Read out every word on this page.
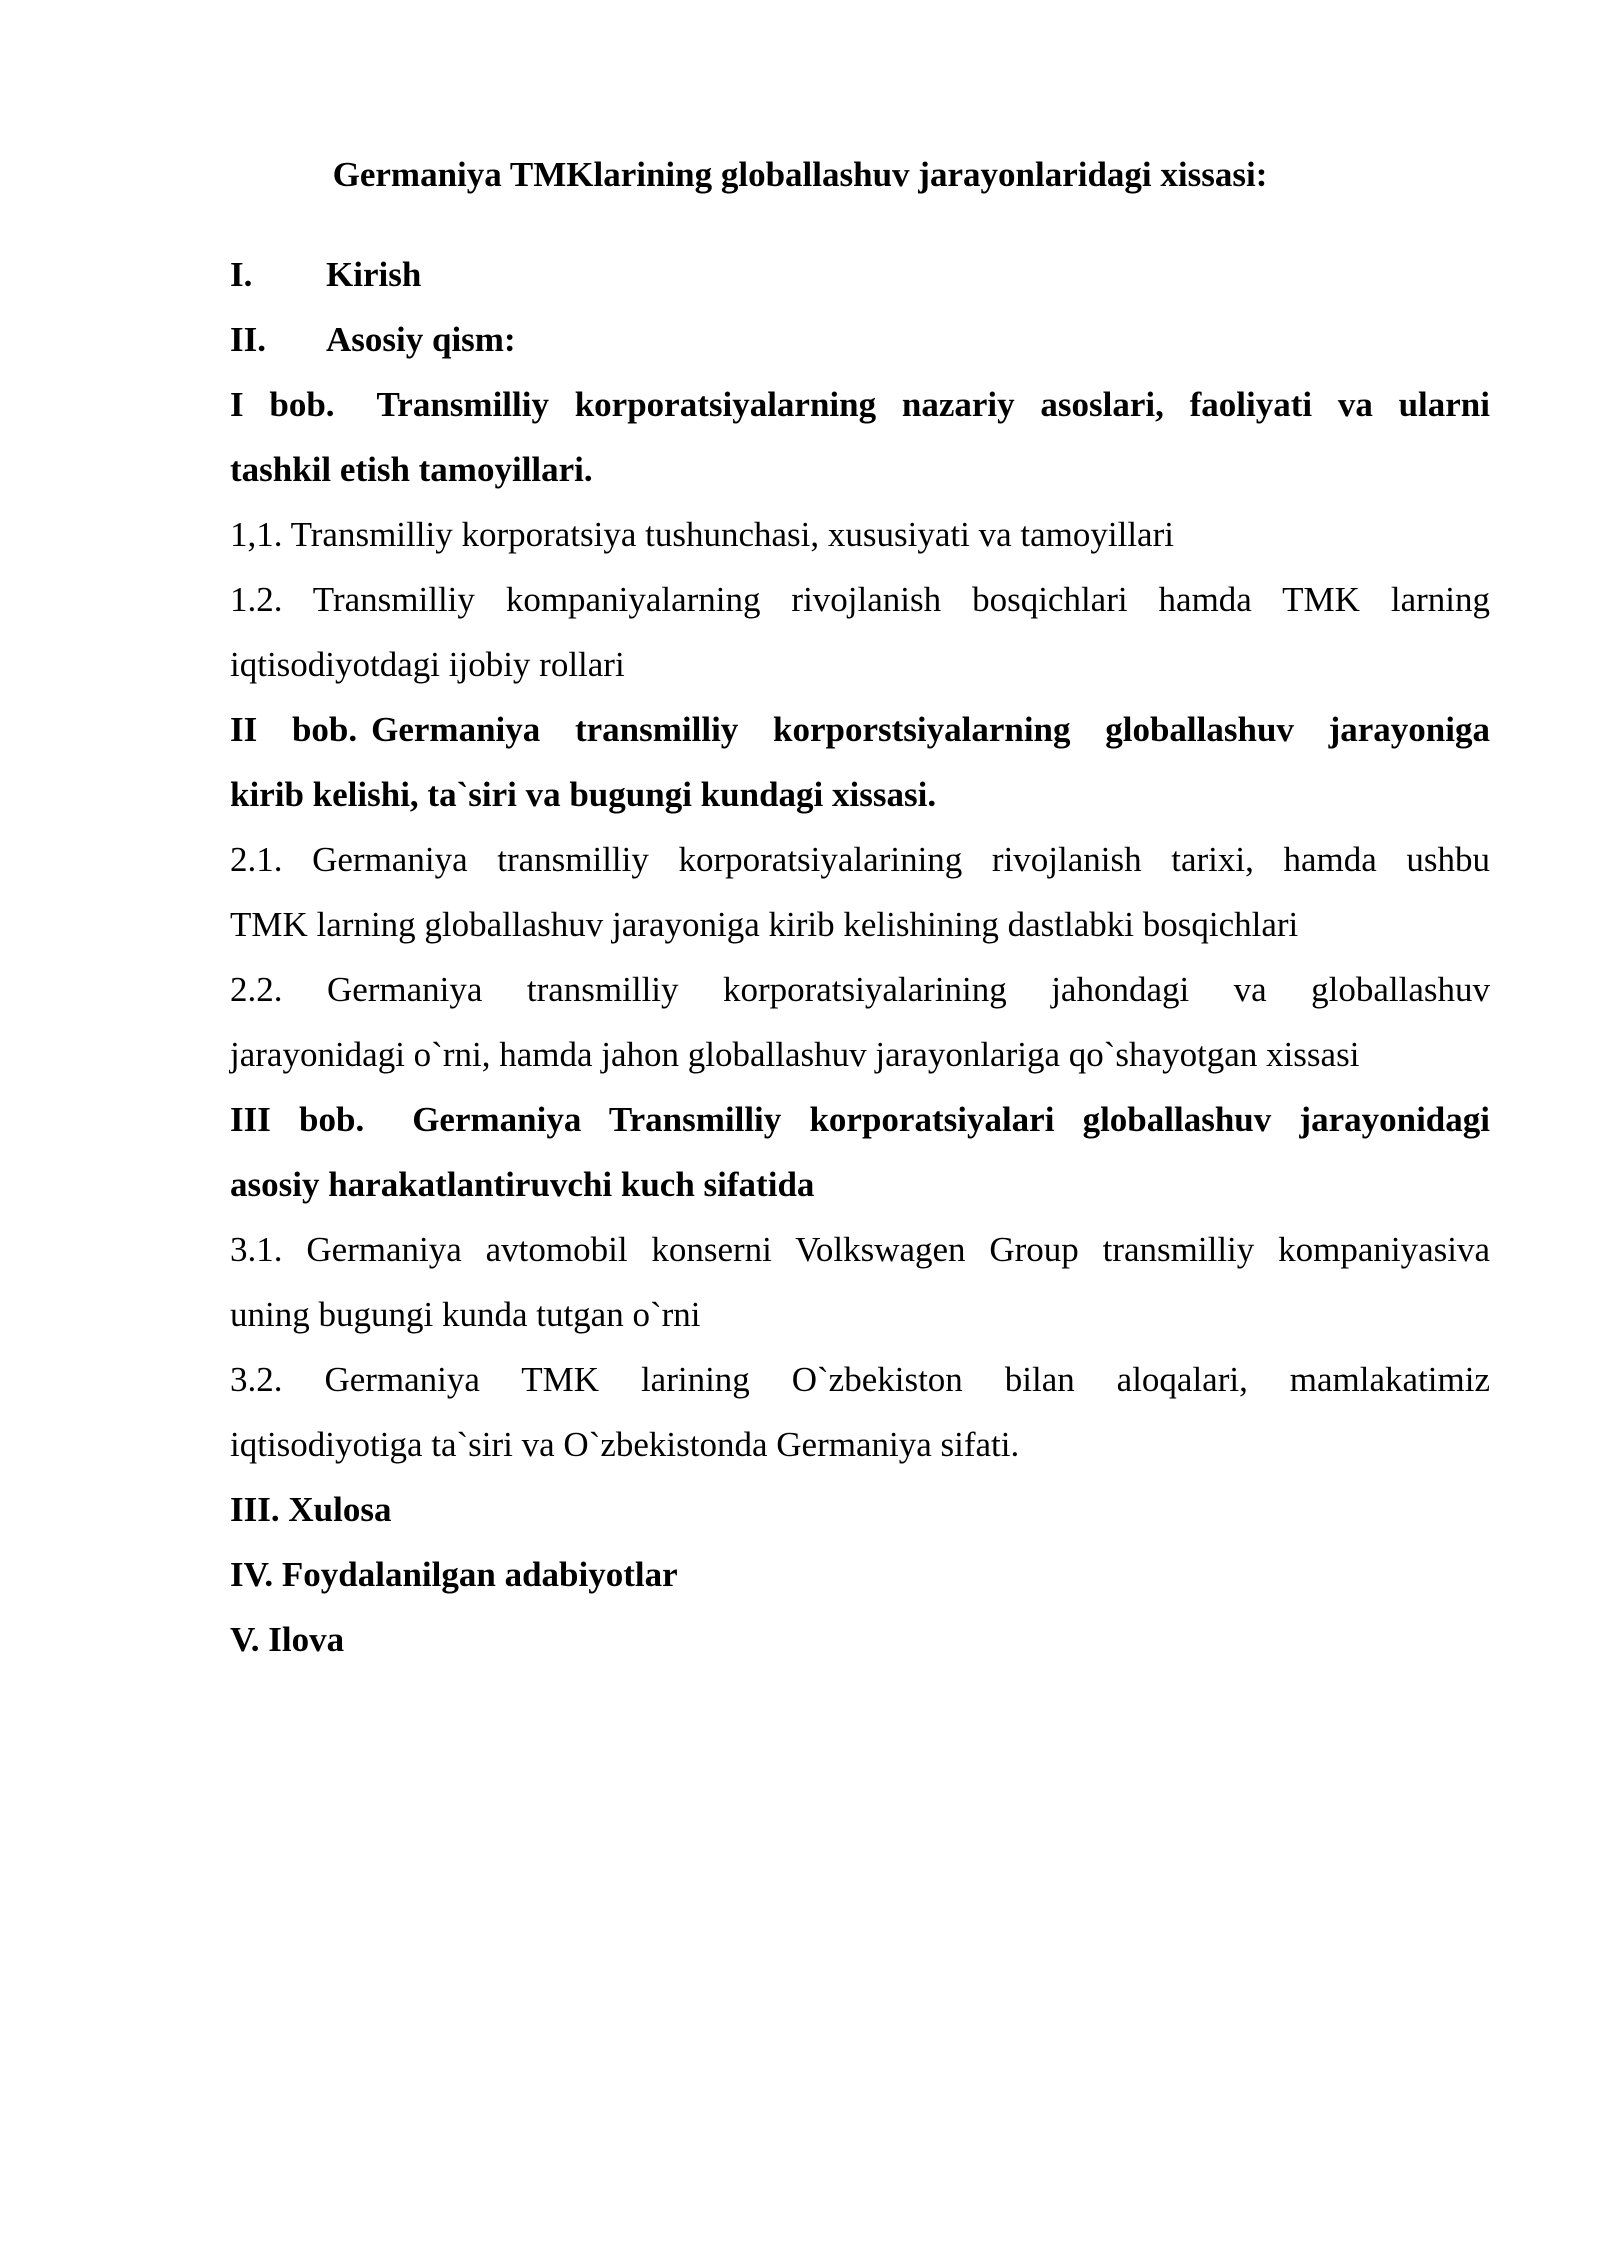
Germaniya TMKlarining globallashuv jarayonlaridagi xissasi:

I. Kirish

II. Asosiy qism:

I bob. Transmilliy korporatsiyalarning nazariy asoslari, faoliyati va ularni

tashkil etish tamoyillari.

1,1. Transmilliy korporatsiya tushunchasi, xususiyati va tamoyillari

1.2. Transmilliy kompaniyalarning rivojlanish bosqichlari hamda TMK larning

iqtisodiyotdagi ijobiy rollari

II bob. Germaniya transmilliy korporstsiyalarning globallashuv jarayoniga

kirib kelishi, ta`siri va bugungi kundagi xissasi.

2.1. Germaniya transmilliy korporatsiyalarining rivojlanish tarixi, hamda ushbu

TMK larning globallashuv jarayoniga kirib kelishining dastlabki bosqichlari

2.2. Germaniya transmilliy korporatsiyalarining jahondagi va globallashuv

jarayonidagi o`rni, hamda jahon globallashuv jarayonlariga qo`shayotgan xissasi

III bob. Germaniya Transmilliy korporatsiyalari globallashuv jarayonidagi

asosiy harakatlantiruvchi kuch sifatida

3.1. Germaniya avtomobil konserni Volkswagen Group transmilliy kompaniyasiva

uning bugungi kunda tutgan o`rni

3.2. Germaniya TMK larining O`zbekiston bilan aloqalari, mamlakatimiz

iqtisodiyotiga ta`siri va O`zbekistonda Germaniya sifati.

III. Xulosa

IV. Foydalanilgan adabiyotlar

V. Ilova
